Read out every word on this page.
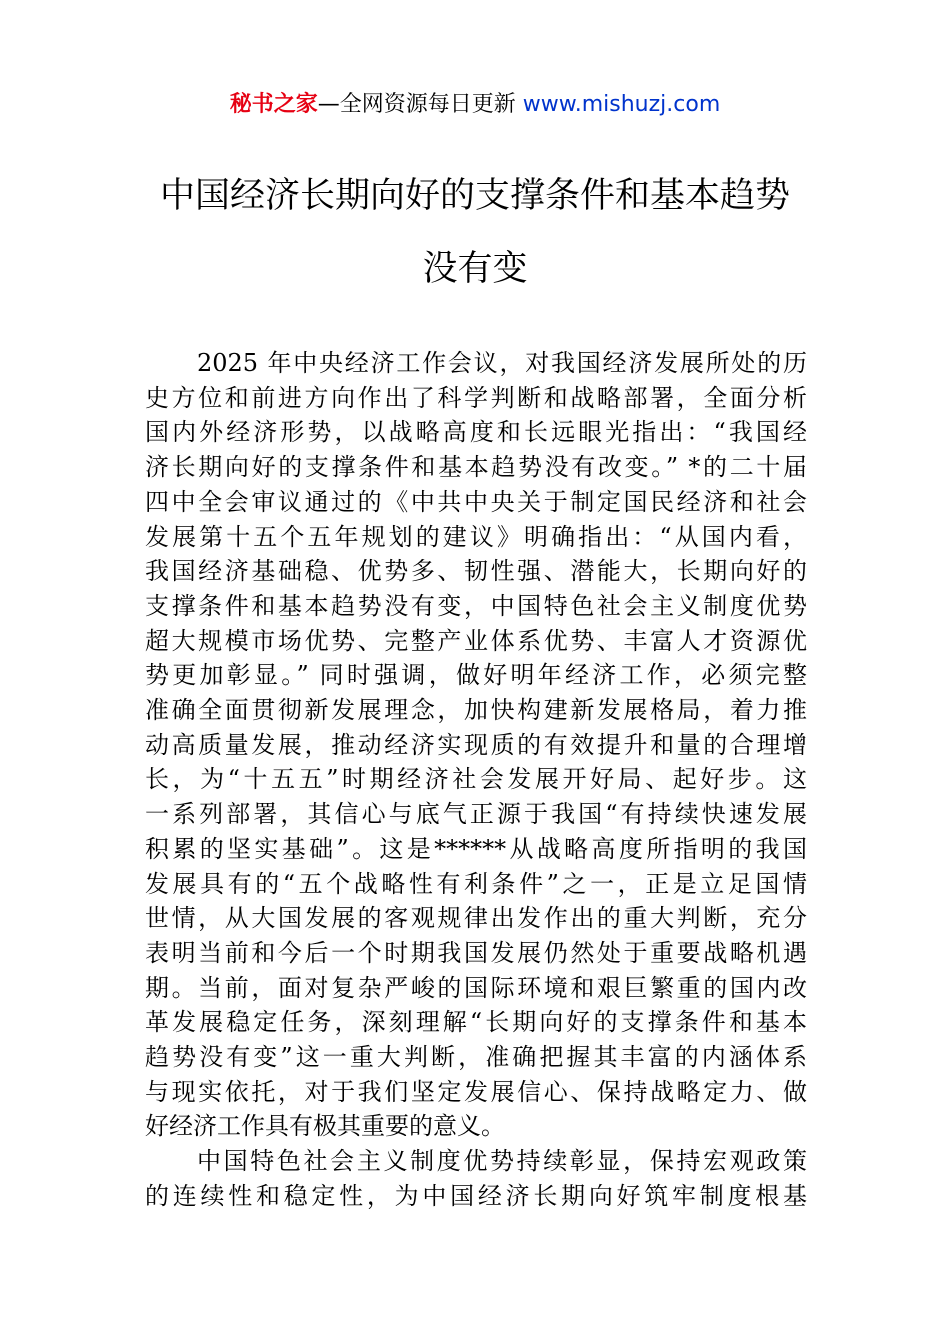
秘书之家—全网资源每日更新 www.mishuzj.com
中国经济长期向好的支撑条件和基本趋势
没有变

2025 年中央经济工作会议，对我国经济发展所处的历
史方位和前进方向作出了科学判断和战略部署，全面分析
国内外经济形势，以战略高度和长远眼光指出：“我国经
济长期向好的支撑条件和基本趋势没有改变。” *的二十届
四中全会审议通过的《中共中央关于制定国民经济和社会
发展第十五个五年规划的建议》明确指出：“从国内看，
我国经济基础稳、优势多、韧性强、潜能大，长期向好的
支撑条件和基本趋势没有变，中国特色社会主义制度优势
超大规模市场优势、完整产业体系优势、丰富人才资源优
势更加彰显。” 同时强调，做好明年经济工作，必须完整
准确全面贯彻新发展理念，加快构建新发展格局，着力推
动高质量发展，推动经济实现质的有效提升和量的合理增
长，为“十五五”时期经济社会发展开好局、起好步。这
一系列部署，其信心与底气正源于我国“有持续快速发展
积累的坚实基础”。这是******从战略高度所指明的我国
发展具有的“五个战略性有利条件”之一，正是立足国情
世情，从大国发展的客观规律出发作出的重大判断，充分
表明当前和今后一个时期我国发展仍然处于重要战略机遇
期。当前，面对复杂严峻的国际环境和艰巨繁重的国内改
革发展稳定任务，深刻理解“长期向好的支撑条件和基本
趋势没有变”这一重大判断，准确把握其丰富的内涵体系
与现实依托，对于我们坚定发展信心、保持战略定力、做
好经济工作具有极其重要的意义。

中国特色社会主义制度优势持续彰显，保持宏观政策
的连续性和稳定性，为中国经济长期向好筑牢制度根基
